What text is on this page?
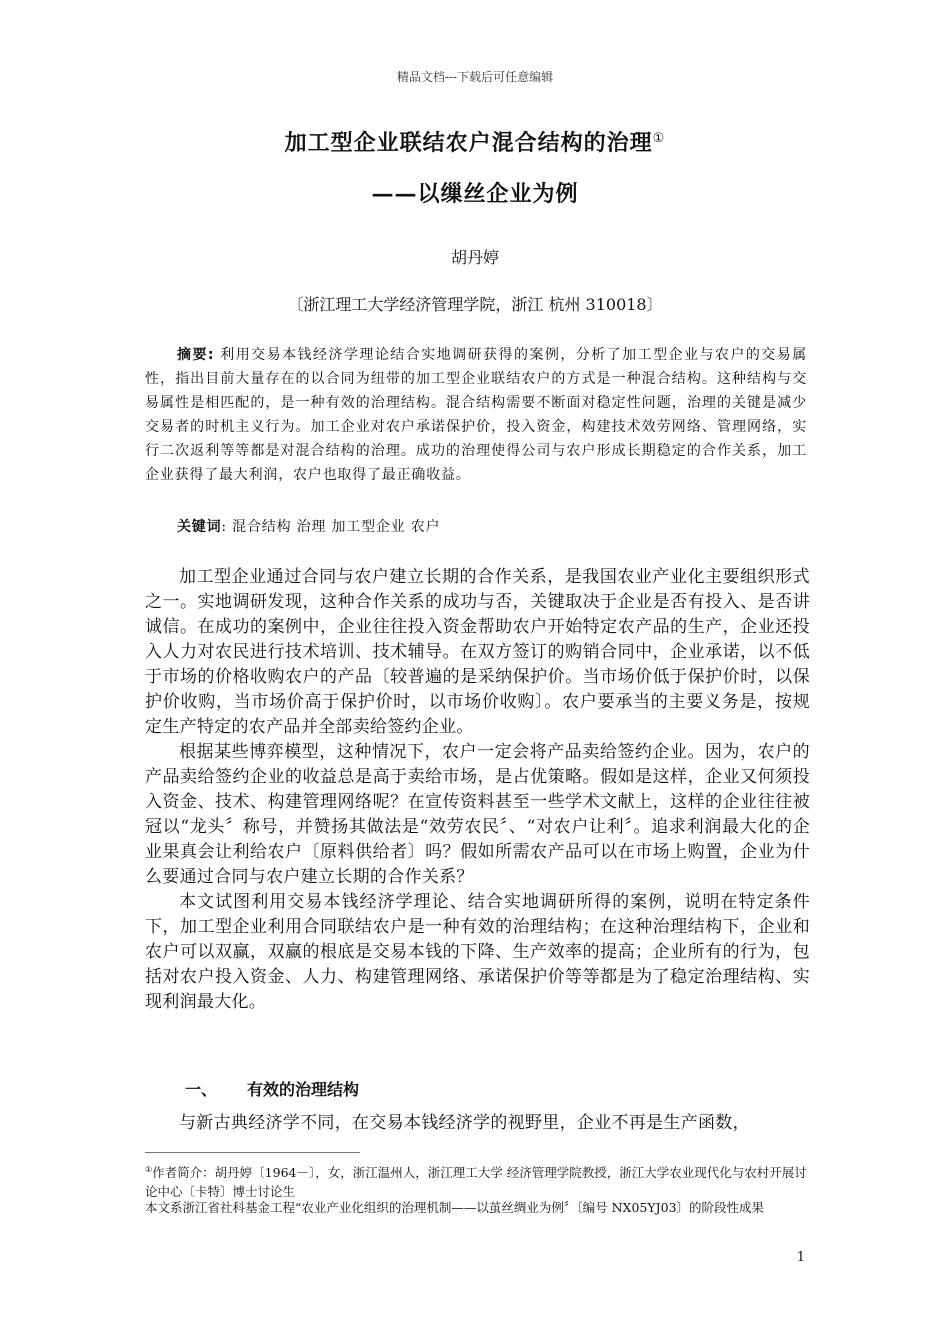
精品文档---下载后可任意编辑
加工型企业联结农户混合结构的治理①
——以缫丝企业为例
胡丹婷
〔浙江理工大学经济管理学院，浙江 杭州 310018〕
摘要: 利用交易本钱经济学理论结合实地调研获得的案例，分析了加工型企业与农户的交易属性，指出目前大量存在的以合同为纽带的加工型企业联结农户的方式是一种混合结构。这种结构与交易属性是相匹配的，是一种有效的治理结构。混合结构需要不断面对稳定性问题，治理的关键是减少交易者的时机主义行为。加工企业对农户承诺保护价，投入资金，构建技术效劳网络、管理网络，实行二次返利等等都是对混合结构的治理。成功的治理使得公司与农户形成长期稳定的合作关系，加工企业获得了最大利润，农户也取得了最正确收益。
关键词: 混合结构 治理 加工型企业 农户

加工型企业通过合同与农户建立长期的合作关系，是我国农业产业化主要组织形式之一。实地调研发现，这种合作关系的成功与否，关键取决于企业是否有投入、是否讲诚信。在成功的案例中，企业往往投入资金帮助农户开始特定农产品的生产，企业还投入人力对农民进行技术培训、技术辅导。在双方签订的购销合同中，企业承诺，以不低于市场的价格收购农户的产品〔较普遍的是采纳保护价。当市场价低于保护价时，以保护价收购，当市场价高于保护价时，以市场价收购〕。农户要承当的主要义务是，按规定生产特定的农产品并全部卖给签约企业。

根据某些博弈模型，这种情况下，农户一定会将产品卖给签约企业。因为，农户的产品卖给签约企业的收益总是高于卖给市场，是占优策略。假如是这样，企业又何须投入资金、技术、构建管理网络呢？在宣传资料甚至一些学术文献上，这样的企业往往被冠以“龙头〞称号，并赞扬其做法是“效劳农民〞、“对农户让利〞。追求利润最大化的企业果真会让利给农户〔原料供给者〕吗？假如所需农产品可以在市场上购置，企业为什么要通过合同与农户建立长期的合作关系？

本文试图利用交易本钱经济学理论、结合实地调研所得的案例，说明在特定条件下，加工型企业利用合同联结农户是一种有效的治理结构；在这种治理结构下，企业和农户可以双赢，双赢的根底是交易本钱的下降、生产效率的提高；企业所有的行为，包括对农户投入资金、人力、构建管理网络、承诺保护价等等都是为了稳定治理结构、实现利润最大化。

一、 有效的治理结构

与新古典经济学不同，在交易本钱经济学的视野里，企业不再是生产函数，

①作者简介：胡丹婷〔1964－〕，女，浙江温州人，浙江理工大学 经济管理学院教授，浙江大学农业现代化与农村开展讨论中心〔卡特〕博士讨论生
本文系浙江省社科基金工程“农业产业化组织的治理机制——以茧丝绸业为例〞〔编号 NX05YJ03〕的阶段性成果
1
